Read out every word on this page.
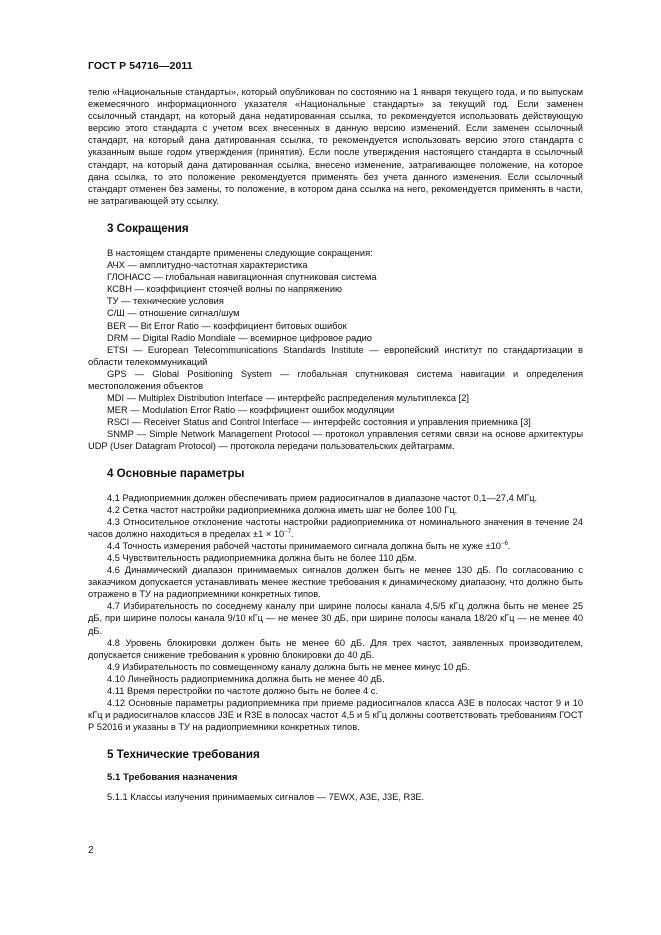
ГОСТ Р 54716—2011

телю «Национальные стандарты», который опубликован по состоянию на 1 января текущего года, и по выпускам ежемесячного информационного указателя «Национальные стандарты» за текущий год. Если заменен ссылочный стандарт, на который дана недатированная ссылка, то рекомендуется использовать действующую версию этого стандарта с учетом всех внесенных в данную версию изменений. Если заменен ссылочный стандарт, на который дана датированная ссылка, то рекомендуется использовать версию этого стандарта с указанным выше годом утверждения (принятия). Если после утверждения настоящего стандарта в ссылочный стандарт, на который дана датированная ссылка, внесено изменение, затрагивающее положение, на которое дана ссылка, то это положение рекомендуется применять без учета данного изменения. Если ссылочный стандарт отменен без замены, то положение, в котором дана ссылка на него, рекомендуется применять в части, не затрагивающей эту ссылку.

3 Сокращения

В настоящем стандарте применены следующие сокращения:

АЧХ — амплитудно-частотная характеристика

ГЛОНАСС — глобальная навигационная спутниковая система

КСВН — коэффициент стоячей волны по напряжению

ТУ — технические условия

С/Ш — отношение сигнал/шум

BER — Bit Error Ratio — коэффициент битовых ошибок

DRM — Digital Radio Mondiale — всемирное цифровое радио

ETSI — European Telecommunications Standards Institute — европейский институт по стандартизации в области телекоммуникаций

GPS — Global Positioning System — глобальная спутниковая система навигации и определения местоположения объектов

MDI — Multiplex Distribution Interface — интерфейс распределения мультиплекса [2]

MER — Modulation Error Ratio — коэффициент ошибок модуляции

RSCI — Receiver Status and Control Interface — интерфейс состояния и управления приемника [3]

SNMP — Simple Network Management Protocol — протокол управления сетями связи на основе архитектуры UDP (User Datagram Protocol) — протокола передачи пользовательских дейтаграмм.

4 Основные параметры

4.1 Радиоприемник должен обеспечивать прием радиосигналов в диапазоне частот 0,1—27,4 МГц.

4.2 Сетка частот настройки радиоприемника должна иметь шаг не более 100 Гц.

4.3 Относительное отклонение частоты настройки радиоприемника от номинального значения в течение 24 часов должно находиться в пределах $\pm 1 \times 10^{-7}$.

4.4 Точность измерения рабочей частоты принимаемого сигнала должна быть не хуже $\pm 10^{-6}$.

4.5 Чувствительность радиоприемника должна быть не более 110 дБм.

4.6 Динамический диапазон принимаемых сигналов должен быть не менее 130 дБ. По согласованию с заказчиком допускается устанавливать менее жесткие требования к динамическому диапазону, что должно быть отражено в ТУ на радиоприемники конкретных типов.

4.7 Избирательность по соседнему каналу при ширине полосы канала 4,5/5 кГц должна быть не менее 25 дБ, при ширине полосы канала 9/10 кГц — не менее 30 дБ, при ширине полосы канала 18/20 кГц — не менее 40 дБ.

4.8 Уровень блокировки должен быть не менее 60 дБ. Для трех частот, заявленных производителем, допускается снижение требования к уровню блокировки до 40 дБ.

4.9 Избирательность по совмещенному каналу должна быть не менее минус 10 дБ.

4.10 Линейность радиоприемника должна быть не менее 40 дБ.

4.11 Время перестройки по частоте должно быть не более 4 с.

4.12 Основные параметры радиоприемника при приеме радиосигналов класса А3Е в полосах частот 9 и 10 кГц и радиосигналов классов J3E и R3E в полосах частот 4,5 и 5 кГц должны соответствовать требованиям ГОСТ Р 52016 и указаны в ТУ на радиоприемники конкретных типов.

5 Технические требования
5.1 Требования назначения

5.1.1 Классы излучения принимаемых сигналов — 7EWX, A3E, J3E, R3E.

2
